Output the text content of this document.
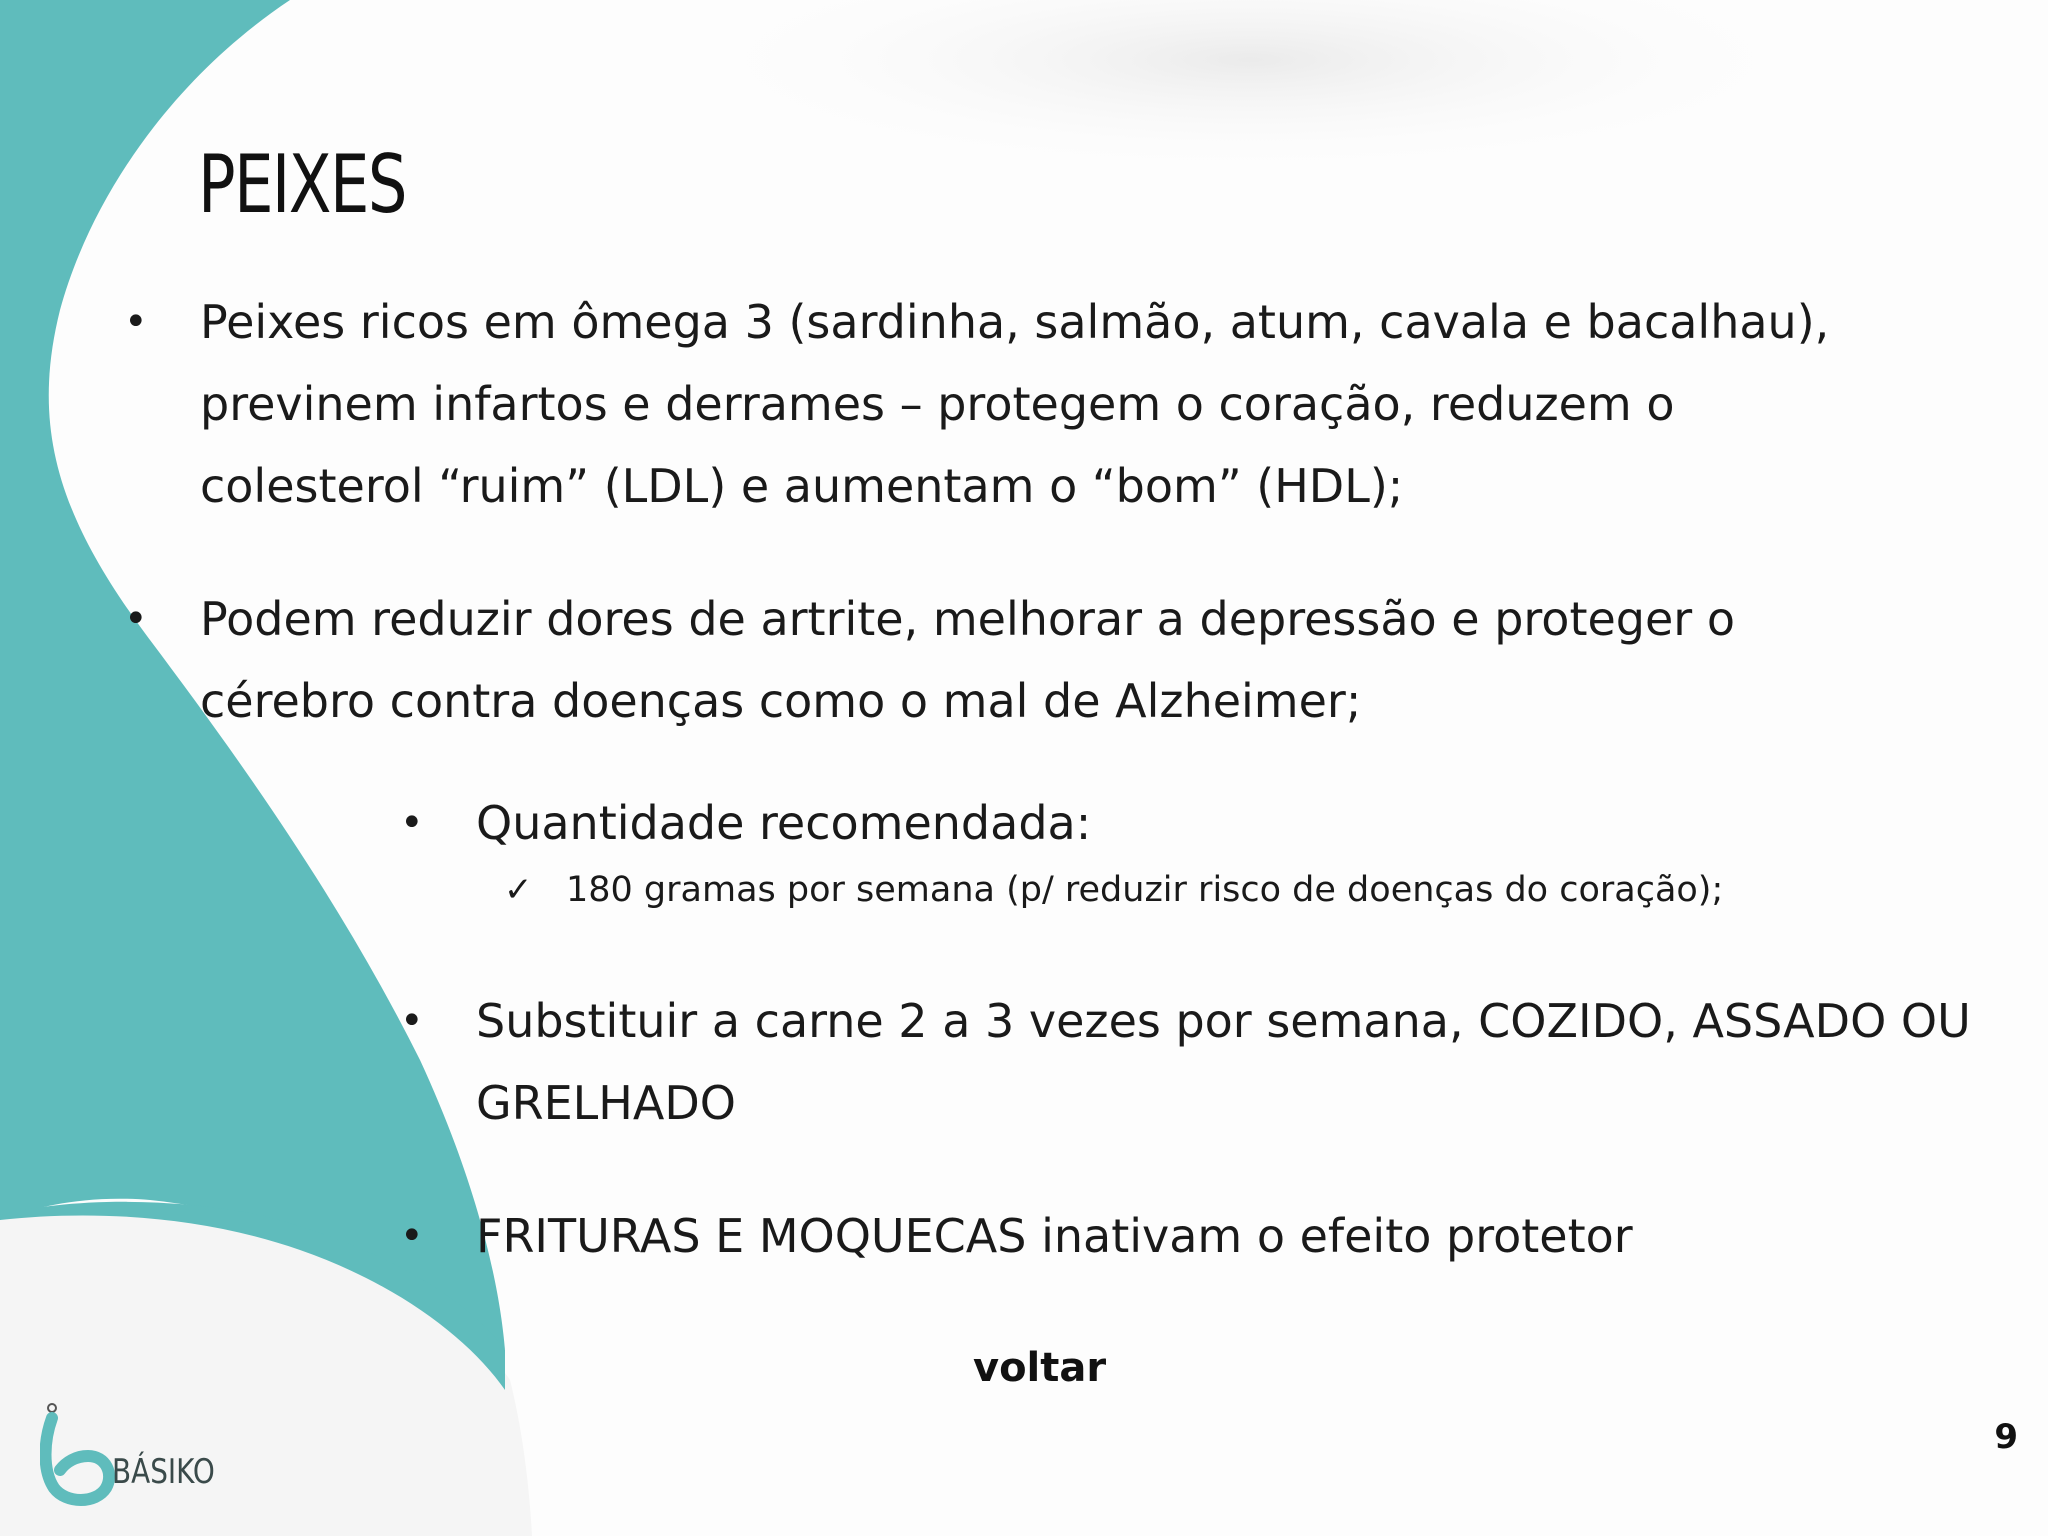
PEIXES
• Peixes ricos em ômega 3 (sardinha, salmão, atum, cavala e bacalhau),
previnem infartos e derrames – protegem o coração, reduzem o
colesterol “ruim” (LDL) e aumentam o “bom” (HDL);
• Podem reduzir dores de artrite, melhorar a depressão e proteger o
cérebro contra doenças como o mal de Alzheimer;
• Quantidade recomendada:
✓ 180 gramas por semana (p/ reduzir risco de doenças do coração);
• Substituir a carne 2 a 3 vezes por semana, COZIDO, ASSADO OU
GRELHADO
• FRITURAS E MOQUECAS inativam o efeito protetor
voltar
9
BÁSIKO
